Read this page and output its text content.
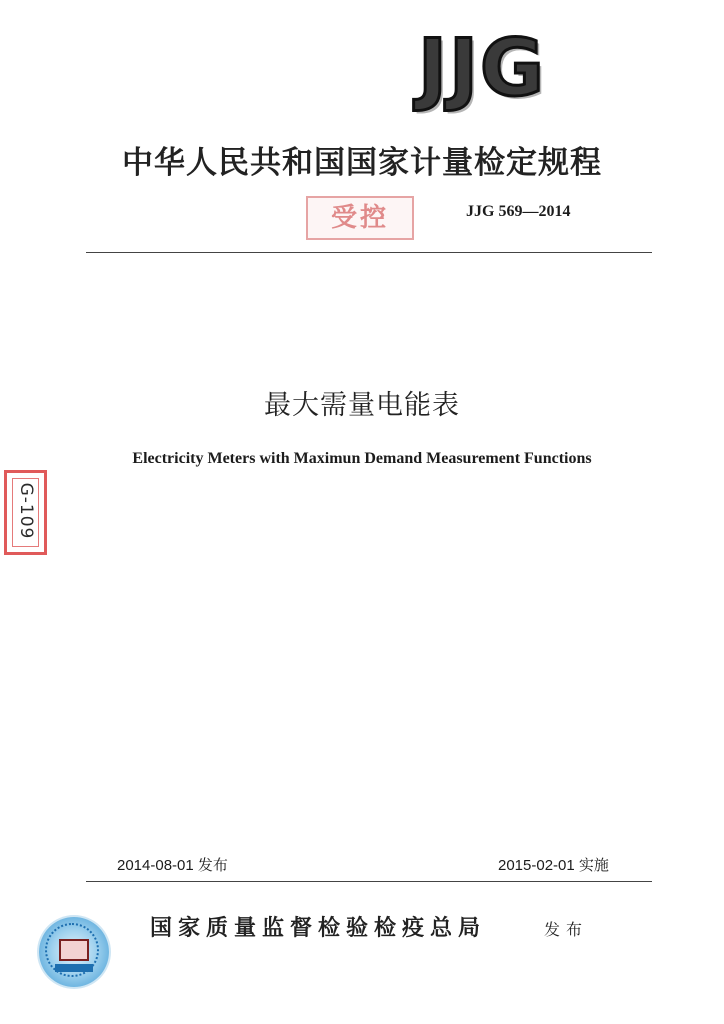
JJG
中华人民共和国国家计量检定规程
受控	JJG 569—2014
最大需量电能表
Electricity Meters with Maximun Demand Measurement Functions
G-109
2014-08-01 发布	2015-02-01 实施
国家质量监督检验检疫总局	发布
